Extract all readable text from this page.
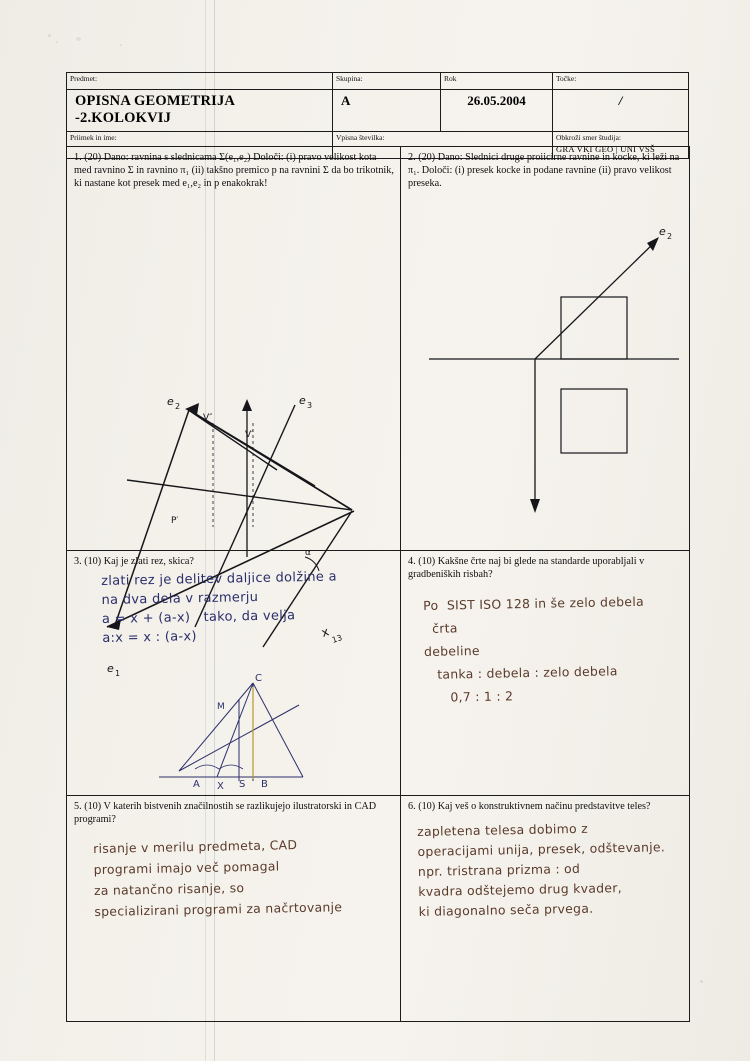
Predmet:	Skupina:	Rok	Točke:

OPISNA GEOMETRIJA -2.KOLOKVIJ	A	26.05.2004	/

Priimek in ime:	Vpisna številka:		Obkroži smer študija:
GRA VKI GEO | UNI VSŠ
1. (20) Dano: ravnina s slednicama Σ(e₁,e₂) Določi: (i) pravo velikost kota med ravnino Σ in ravnino π₁ (ii) takšno premico p na ravnini Σ da bo trikotnik, ki nastane kot presek med e₁,e₂ in p enakokrak!
e 2	e 3
e 1
x 13
V″
V′
P′
α
2. (20) Dano: Slednici druge proiicirne ravnine in kocke, ki leži na π₁. Določi: (i) presek kocke in podane ravnine (ii) pravo velikost preseka.
e 2
3. (10) Kaj je zlati rez, skica?
zlati rez je delitev daljice dolžine a
na dva dela v razmerju
a = x + (a-x)   tako, da velja
a:x = x : (a-x)
A X S B
C
M
4. (10) Kakšne črte naj bi glede na standarde uporabljali v gradbeniških risbah?
Po  SIST ISO 128 in še zelo debela
črta
debeline
tanka : debela : zelo debela
0,7 : 1 : 2
5. (10) V katerih bistvenih značilnostih se razlikujejo ilustratorski in CAD programi?
risanje v merilu predmeta, CAD
programi imajo več pomagal
za natančno risanje, so
specializirani programi za načrtovanje
6. (10) Kaj veš o konstruktivnem načinu predstavitve teles?
zapletena telesa dobimo z
operacijami unija, presek, odštevanje.
npr. tristrana prizma : od
kvadra odštejemo drug kvader,
ki diagonalno seča prvega.
